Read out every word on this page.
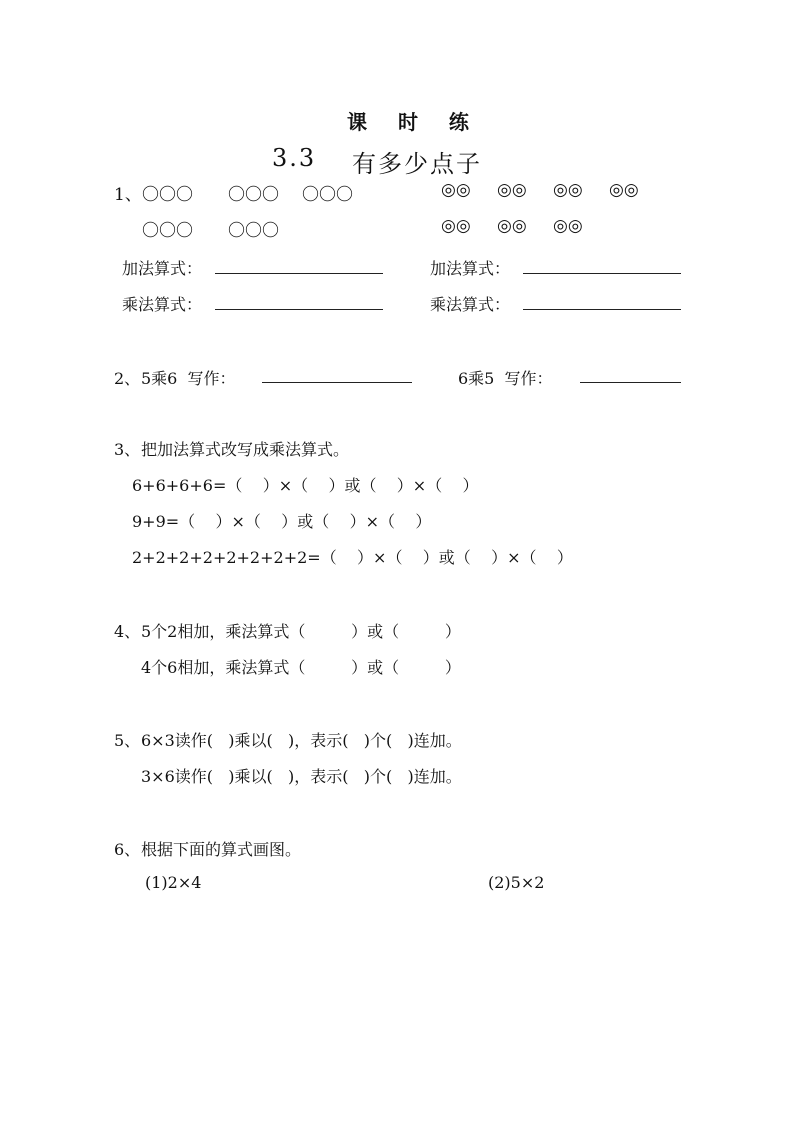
课 时 练
3.3 有多少点子
1、 〇〇〇 〇〇〇 〇〇〇
〇〇〇 〇〇〇
◎◎ ◎◎ ◎◎ ◎◎
◎◎ ◎◎ ◎◎
加法算式：	加法算式：
乘法算式：	乘法算式：
2、 5乘6  写作：	6乘5  写作：
3、 把加法算式改写成乘法算式。
6+6+6+6=（    ）×（    ）或（    ）×（    ）
9+9=（    ）×（    ）或（    ）×（    ）
2+2+2+2+2+2+2+2=（    ）×（    ）或（    ）×（    ）
4、 5个2相加，乘法算式（         ）或（         ）
4个6相加，乘法算式（         ）或（         ）
5、 6×3读作(   )乘以(   )，表示(   )个(   )连加。
3×6读作(   )乘以(   )，表示(   )个(   )连加。
6、 根据下面的算式画图。
(1)2×4	(2)5×2
